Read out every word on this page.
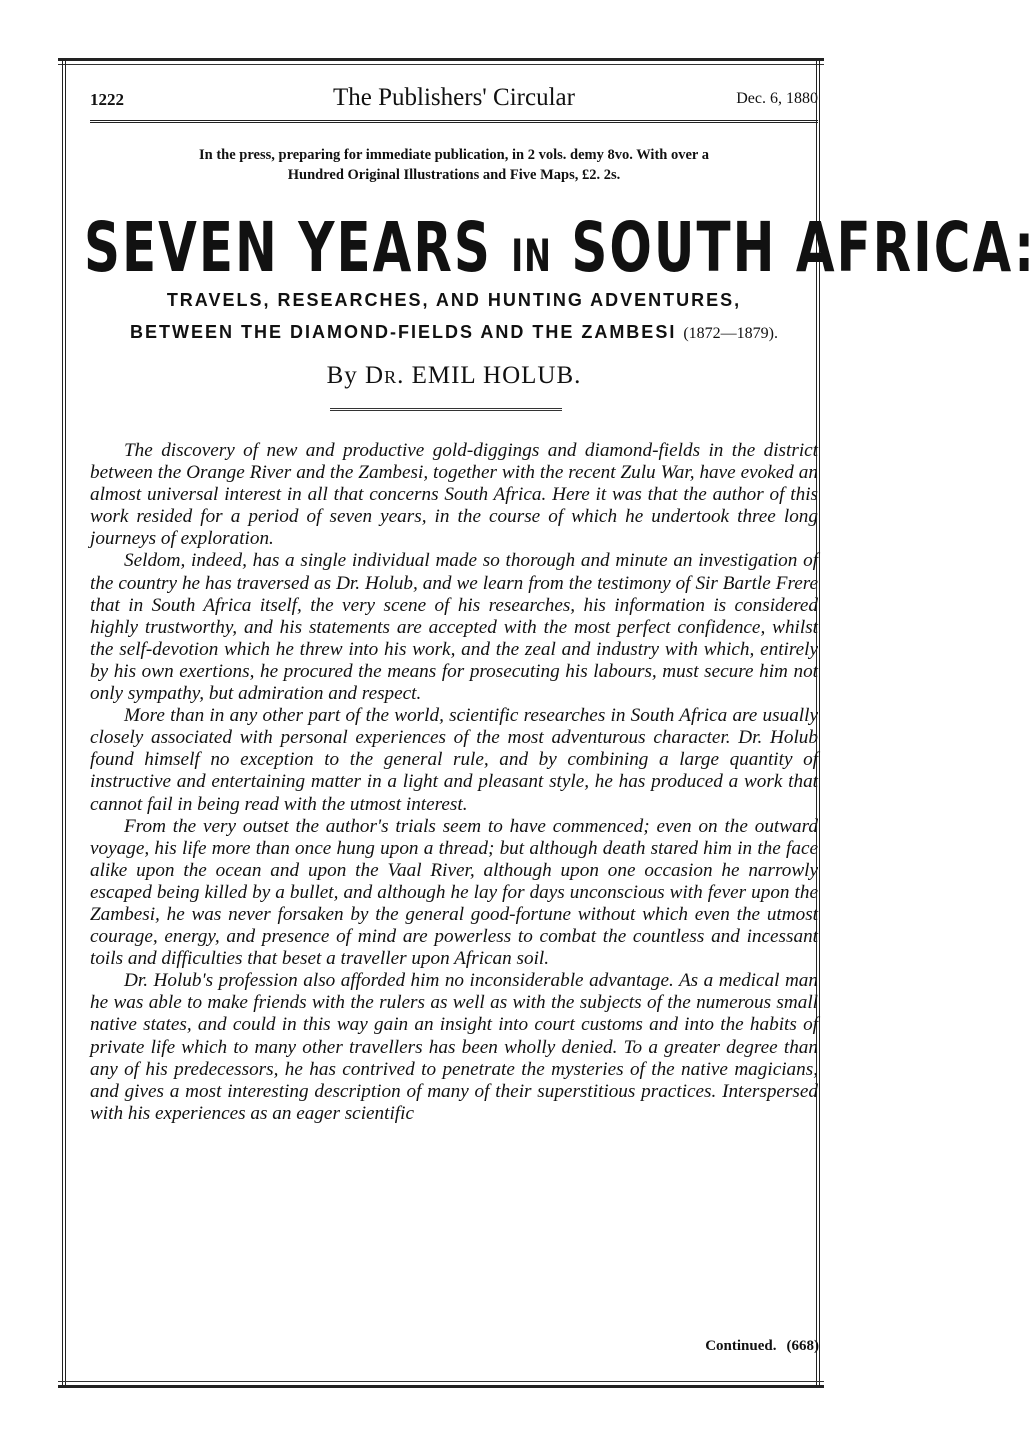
1222	The Publishers' Circular	Dec. 6, 1880
In the press, preparing for immediate publication, in 2 vols. demy 8vo. With over a
Hundred Original Illustrations and Five Maps, £2. 2s.
SEVEN YEARS IN SOUTH AFRICA:
TRAVELS, RESEARCHES, AND HUNTING ADVENTURES,
BETWEEN THE DIAMOND-FIELDS AND THE ZAMBESI (1872—1879).
By Dr. EMIL HOLUB.

The discovery of new and productive gold-diggings and diamond-fields in the district between the Orange River and the Zambesi, together with the recent Zulu War, have evoked an almost universal interest in all that concerns South Africa. Here it was that the author of this work resided for a period of seven years, in the course of which he undertook three long journeys of exploration.

Seldom, indeed, has a single individual made so thorough and minute an investigation of the country he has traversed as Dr. Holub, and we learn from the testimony of Sir Bartle Frere that in South Africa itself, the very scene of his researches, his information is considered highly trustworthy, and his statements are accepted with the most perfect confidence, whilst the self-devotion which he threw into his work, and the zeal and industry with which, entirely by his own exertions, he procured the means for prosecuting his labours, must secure him not only sympathy, but admiration and respect.

More than in any other part of the world, scientific researches in South Africa are usually closely associated with personal experiences of the most adventurous character. Dr. Holub found himself no exception to the general rule, and by combining a large quantity of instructive and entertaining matter in a light and pleasant style, he has produced a work that cannot fail in being read with the utmost interest.

From the very outset the author's trials seem to have commenced; even on the outward voyage, his life more than once hung upon a thread; but although death stared him in the face alike upon the ocean and upon the Vaal River, although upon one occasion he narrowly escaped being killed by a bullet, and although he lay for days unconscious with fever upon the Zambesi, he was never forsaken by the general good-fortune without which even the utmost courage, energy, and presence of mind are powerless to combat the countless and incessant toils and difficulties that beset a traveller upon African soil.

Dr. Holub's profession also afforded him no inconsiderable advantage. As a medical man he was able to make friends with the rulers as well as with the subjects of the numerous small native states, and could in this way gain an insight into court customs and into the habits of private life which to many other travellers has been wholly denied. To a greater degree than any of his predecessors, he has contrived to penetrate the mysteries of the native magicians, and gives a most interesting description of many of their superstitious practices. Interspersed with his experiences as an eager scientific

Continued. (668)
